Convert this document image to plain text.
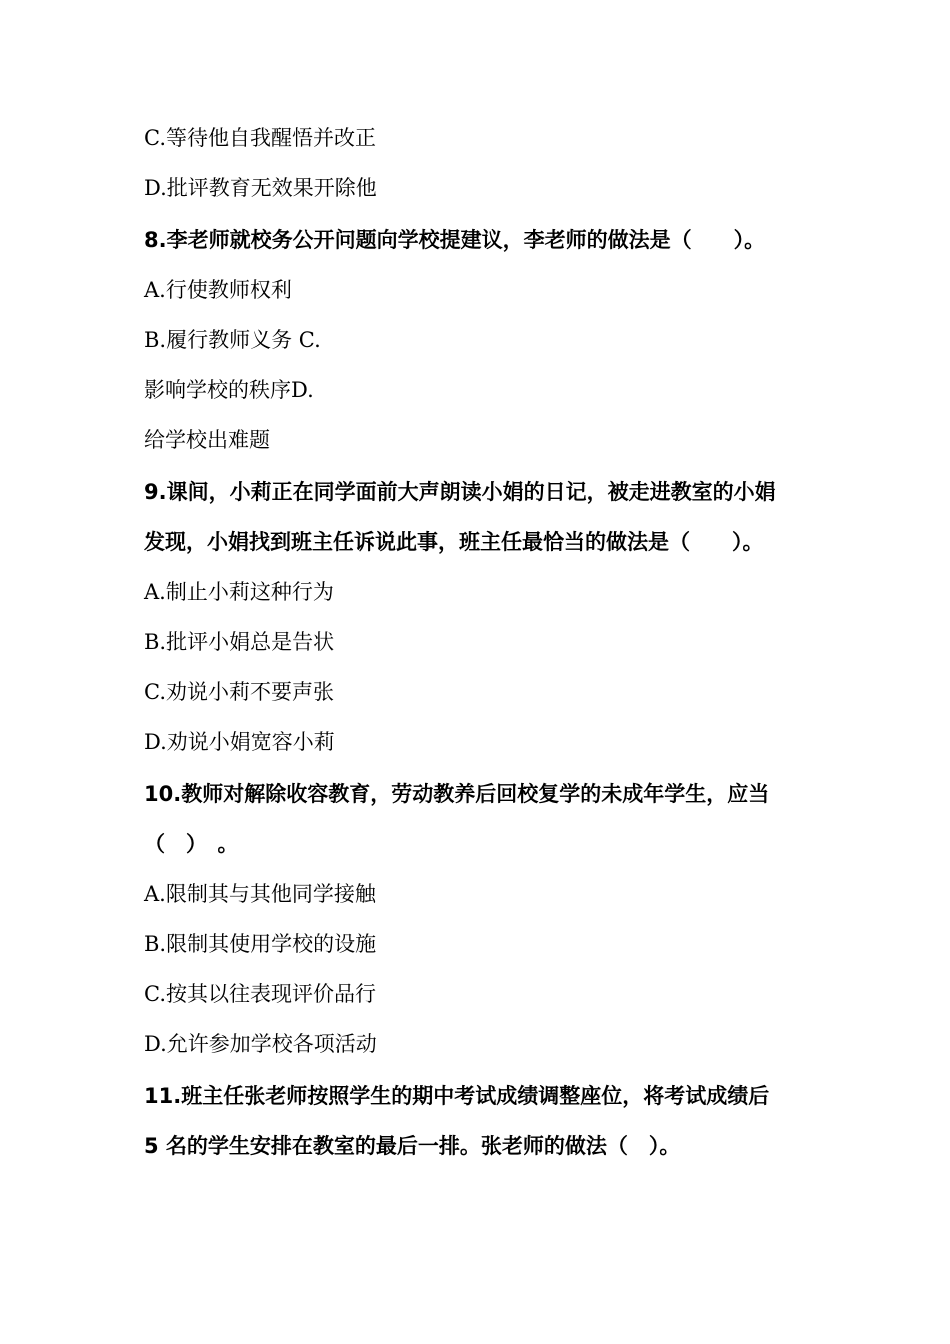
C.等待他自我醒悟并改正
D.批评教育无效果开除他
8.李老师就校务公开问题向学校提建议，李老师的做法是（　　）。
A.行使教师权利
B.履行教师义务 C.
影响学校的秩序D.
给学校出难题
9.课间，小莉正在同学面前大声朗读小娟的日记，被走进教室的小娟
发现，小娟找到班主任诉说此事，班主任最恰当的做法是（　　）。
A.制止小莉这种行为
B.批评小娟总是告状
C.劝说小莉不要声张
D.劝说小娟宽容小莉
10.教师对解除收容教育，劳动教养后回校复学的未成年学生，应当
（　）　。
A.限制其与其他同学接触
B.限制其使用学校的设施
C.按其以往表现评价品行
D.允许参加学校各项活动
11.班主任张老师按照学生的期中考试成绩调整座位，将考试成绩后
5 名的学生安排在教室的最后一排。张老师的做法（　）。
